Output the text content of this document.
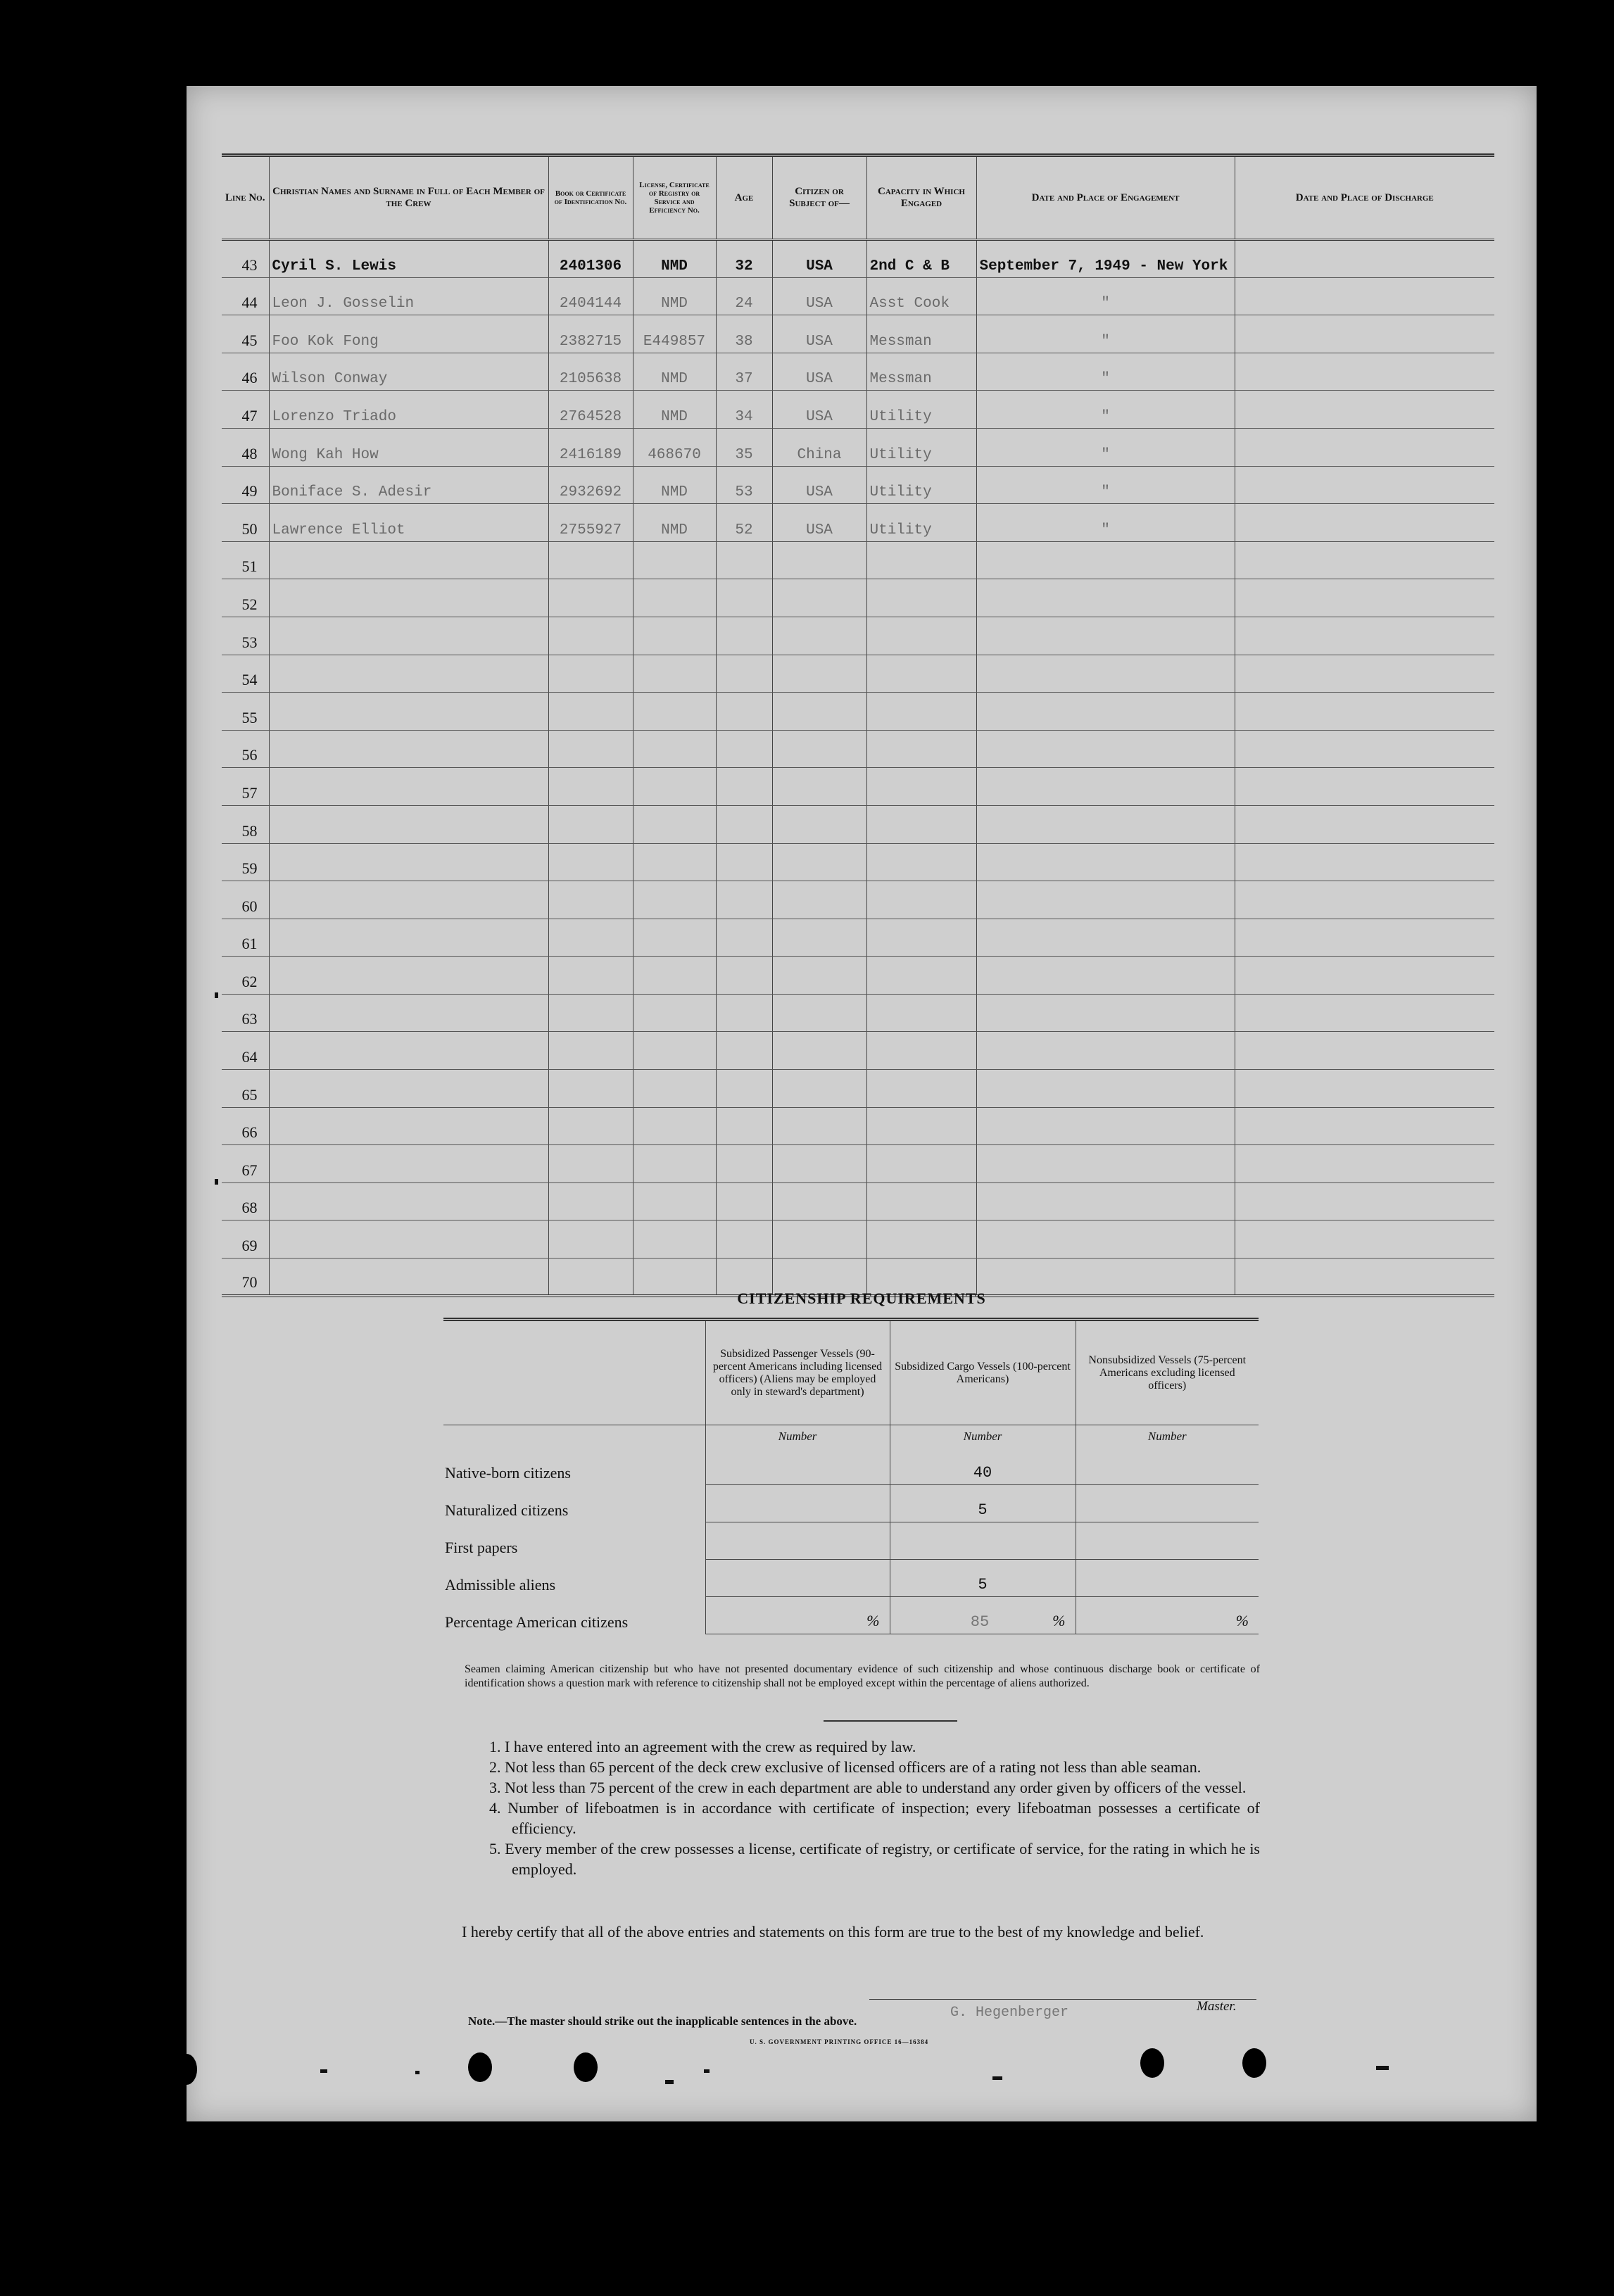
Line No.	Christian Names and Surname in Full of Each Member of the Crew	Book or Certificate of Identification No.	License, Certificate of Registry or Service and Efficiency No.	Age	Citizen or Subject of—	Capacity in Which Engaged	Date and Place of Engagement	Date and Place of Discharge
43	Cyril S. Lewis	2401306	NMD	32	USA	2nd C & B	September 7, 1949 - New York	
44	Leon J. Gosselin	2404144	NMD	24	USA	Asst Cook	"	
45	Foo Kok Fong	2382715	E449857	38	USA	Messman	"	
46	Wilson Conway	2105638	NMD	37	USA	Messman	"	
47	Lorenzo Triado	2764528	NMD	34	USA	Utility	"	
48	Wong Kah How	2416189	468670	35	China	Utility	"	
49	Boniface S. Adesir	2932692	NMD	53	USA	Utility	"	
50	Lawrence Elliot	2755927	NMD	52	USA	Utility	"	
51								
52								
53								
54								
55								
56								
57								
58								
59								
60								
61								
62								
63								
64								
65								
66								
67								
68								
69								
70								
CITIZENSHIP REQUIREMENTS
	Subsidized Passenger Vessels (90-percent Americans including licensed officers) (Aliens may be employed only in steward's department)	Subsidized Cargo Vessels (100-percent Americans)	Nonsubsidized Vessels (75-percent Americans excluding licensed officers)
	Number	Number	Number
Native-born citizens		40	
Naturalized citizens		5	
First papers			
Admissible aliens		5	
Percentage American citizens	%	85 %	%
Seamen claiming American citizenship but who have not presented documentary evidence of such citizenship and whose continuous discharge book or certificate of identification shows a question mark with reference to citizenship shall not be employed except within the percentage of aliens authorized.
1. I have entered into an agreement with the crew as required by law.
2. Not less than 65 percent of the deck crew exclusive of licensed officers are of a rating not less than able seaman.
3. Not less than 75 percent of the crew in each department are able to understand any order given by officers of the vessel.
4. Number of lifeboatmen is in accordance with certificate of inspection; every lifeboatman possesses a certificate of efficiency.
5. Every member of the crew possesses a license, certificate of registry, or certificate of service, for the rating in which he is employed.
I hereby certify that all of the above entries and statements on this form are true to the best of my knowledge and belief.
G. Hegenberger	Master.
Note.—The master should strike out the inapplicable sentences in the above.
U. S. GOVERNMENT PRINTING OFFICE 16—16384
